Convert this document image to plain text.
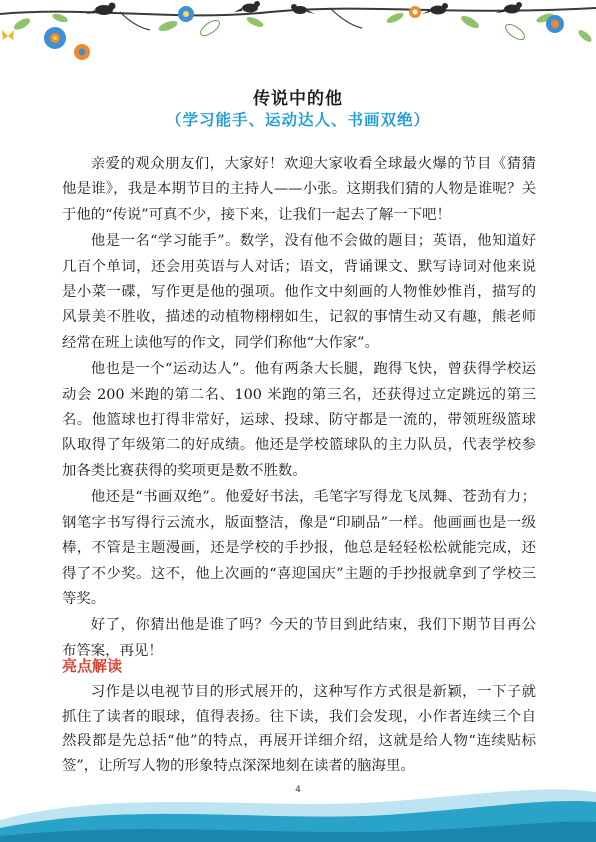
传说中的他
（学习能手、运动达人、书画双绝）

亲爱的观众朋友们，大家好！欢迎大家收看全球最火爆的节目《猜猜他是谁》，我是本期节目的主持人——小张。这期我们猜的人物是谁呢？关于他的“传说”可真不少，接下来，让我们一起去了解一下吧！

他是一名“学习能手”。数学，没有他不会做的题目；英语，他知道好几百个单词，还会用英语与人对话；语文，背诵课文、默写诗词对他来说是小菜一碟，写作更是他的强项。他作文中刻画的人物惟妙惟肖，描写的风景美不胜收，描述的动植物栩栩如生，记叙的事情生动又有趣，熊老师经常在班上读他写的作文，同学们称他“大作家”。

他也是一个“运动达人”。他有两条大长腿，跑得飞快，曾获得学校运动会 200 米跑的第二名、100 米跑的第三名，还获得过立定跳远的第三名。他篮球也打得非常好，运球、投球、防守都是一流的，带领班级篮球队取得了年级第二的好成绩。他还是学校篮球队的主力队员，代表学校参加各类比赛获得的奖项更是数不胜数。

他还是“书画双绝”。他爱好书法，毛笔字写得龙飞凤舞、苍劲有力；钢笔字书写得行云流水，版面整洁，像是“印刷品”一样。他画画也是一级棒，不管是主题漫画，还是学校的手抄报，他总是轻轻松松就能完成，还得了不少奖。这不，他上次画的“喜迎国庆”主题的手抄报就拿到了学校三等奖。

好了，你猜出他是谁了吗？今天的节目到此结束，我们下期节目再公布答案，再见！

亮点解读

习作是以电视节目的形式展开的，这种写作方式很是新颖，一下子就抓住了读者的眼球，值得表扬。往下读，我们会发现，小作者连续三个自然段都是先总括“他”的特点，再展开详细介绍，这就是给人物“连续贴标签”，让所写人物的形象特点深深地刻在读者的脑海里。

4
